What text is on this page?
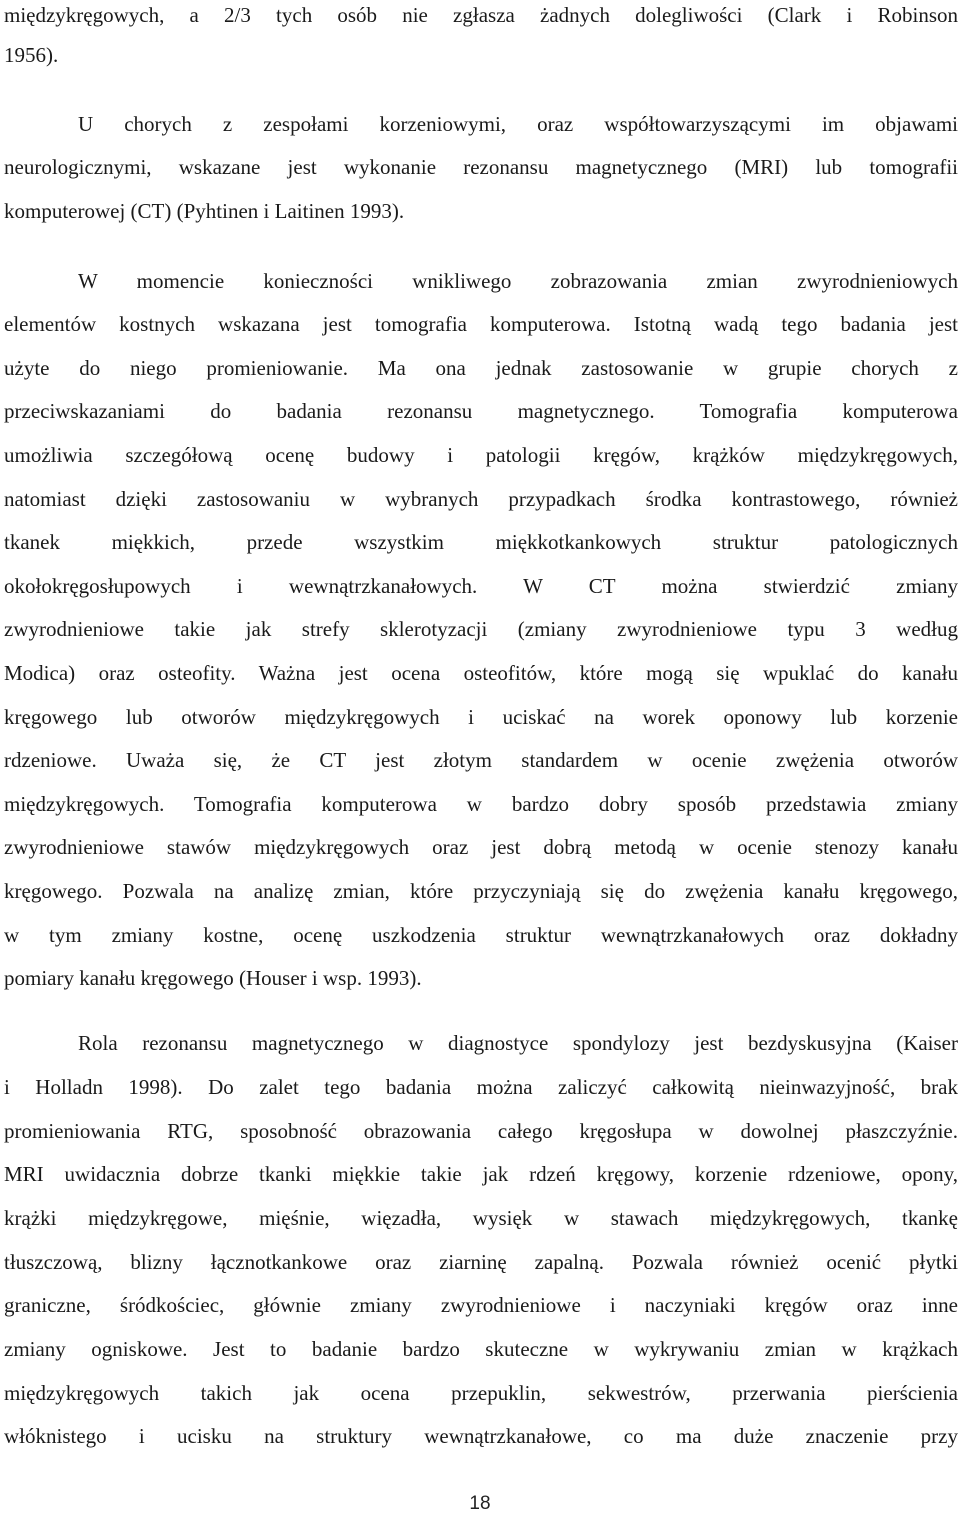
międzykręgowych, a 2/3 tych osób nie zgłasza żadnych dolegliwości (Clark i Robinson
1956).
U chorych z zespołami korzeniowymi, oraz współtowarzyszącymi im objawami
neurologicznymi, wskazane jest wykonanie rezonansu magnetycznego (MRI) lub tomografii
komputerowej (CT) (Pyhtinen i Laitinen 1993).
W momencie konieczności wnikliwego zobrazowania zmian zwyrodnieniowych
elementów kostnych wskazana jest tomografia komputerowa. Istotną wadą tego badania jest
użyte do niego promieniowanie. Ma ona jednak zastosowanie w grupie chorych z
przeciwskazaniami do badania rezonansu magnetycznego. Tomografia komputerowa
umożliwia szczegółową ocenę budowy i patologii kręgów, krążków międzykręgowych,
natomiast dzięki zastosowaniu w wybranych przypadkach środka kontrastowego, również
tkanek miękkich, przede wszystkim miękkotkankowych struktur patologicznych
okołokręgosłupowych i wewnątrzkanałowych. W CT można stwierdzić zmiany
zwyrodnieniowe takie jak strefy sklerotyzacji (zmiany zwyrodnieniowe typu 3 według
Modica) oraz osteofity. Ważna jest ocena osteofitów, które mogą się wpuklać do kanału
kręgowego lub otworów międzykręgowych i uciskać na worek oponowy lub korzenie
rdzeniowe. Uważa się, że CT jest złotym standardem w ocenie zwężenia otworów
międzykręgowych. Tomografia komputerowa w bardzo dobry sposób przedstawia zmiany
zwyrodnieniowe stawów międzykręgowych oraz jest dobrą metodą w ocenie stenozy kanału
kręgowego. Pozwala na analizę zmian, które przyczyniają się do zwężenia kanału kręgowego,
w tym zmiany kostne, ocenę uszkodzenia struktur wewnątrzkanałowych oraz dokładny
pomiary kanału kręgowego (Houser i wsp. 1993).
Rola rezonansu magnetycznego w diagnostyce spondylozy jest bezdyskusyjna (Kaiser
i Holladn 1998). Do zalet tego badania można zaliczyć całkowitą nieinwazyjność, brak
promieniowania RTG, sposobność obrazowania całego kręgosłupa w dowolnej płaszczyźnie.
MRI uwidacznia dobrze tkanki miękkie takie jak rdzeń kręgowy, korzenie rdzeniowe, opony,
krążki międzykręgowe, mięśnie, więzadła, wysięk w stawach międzykręgowych, tkankę
tłuszczową, blizny łącznotkankowe oraz ziarninę zapalną. Pozwala również ocenić płytki
graniczne, śródkościec, głównie zmiany zwyrodnieniowe i naczyniaki kręgów oraz inne
zmiany ogniskowe. Jest to badanie bardzo skuteczne w wykrywaniu zmian w krążkach
międzykręgowych takich jak ocena przepuklin, sekwestrów, przerwania pierścienia
włóknistego i ucisku na struktury wewnątrzkanałowe, co ma duże znaczenie przy
18
